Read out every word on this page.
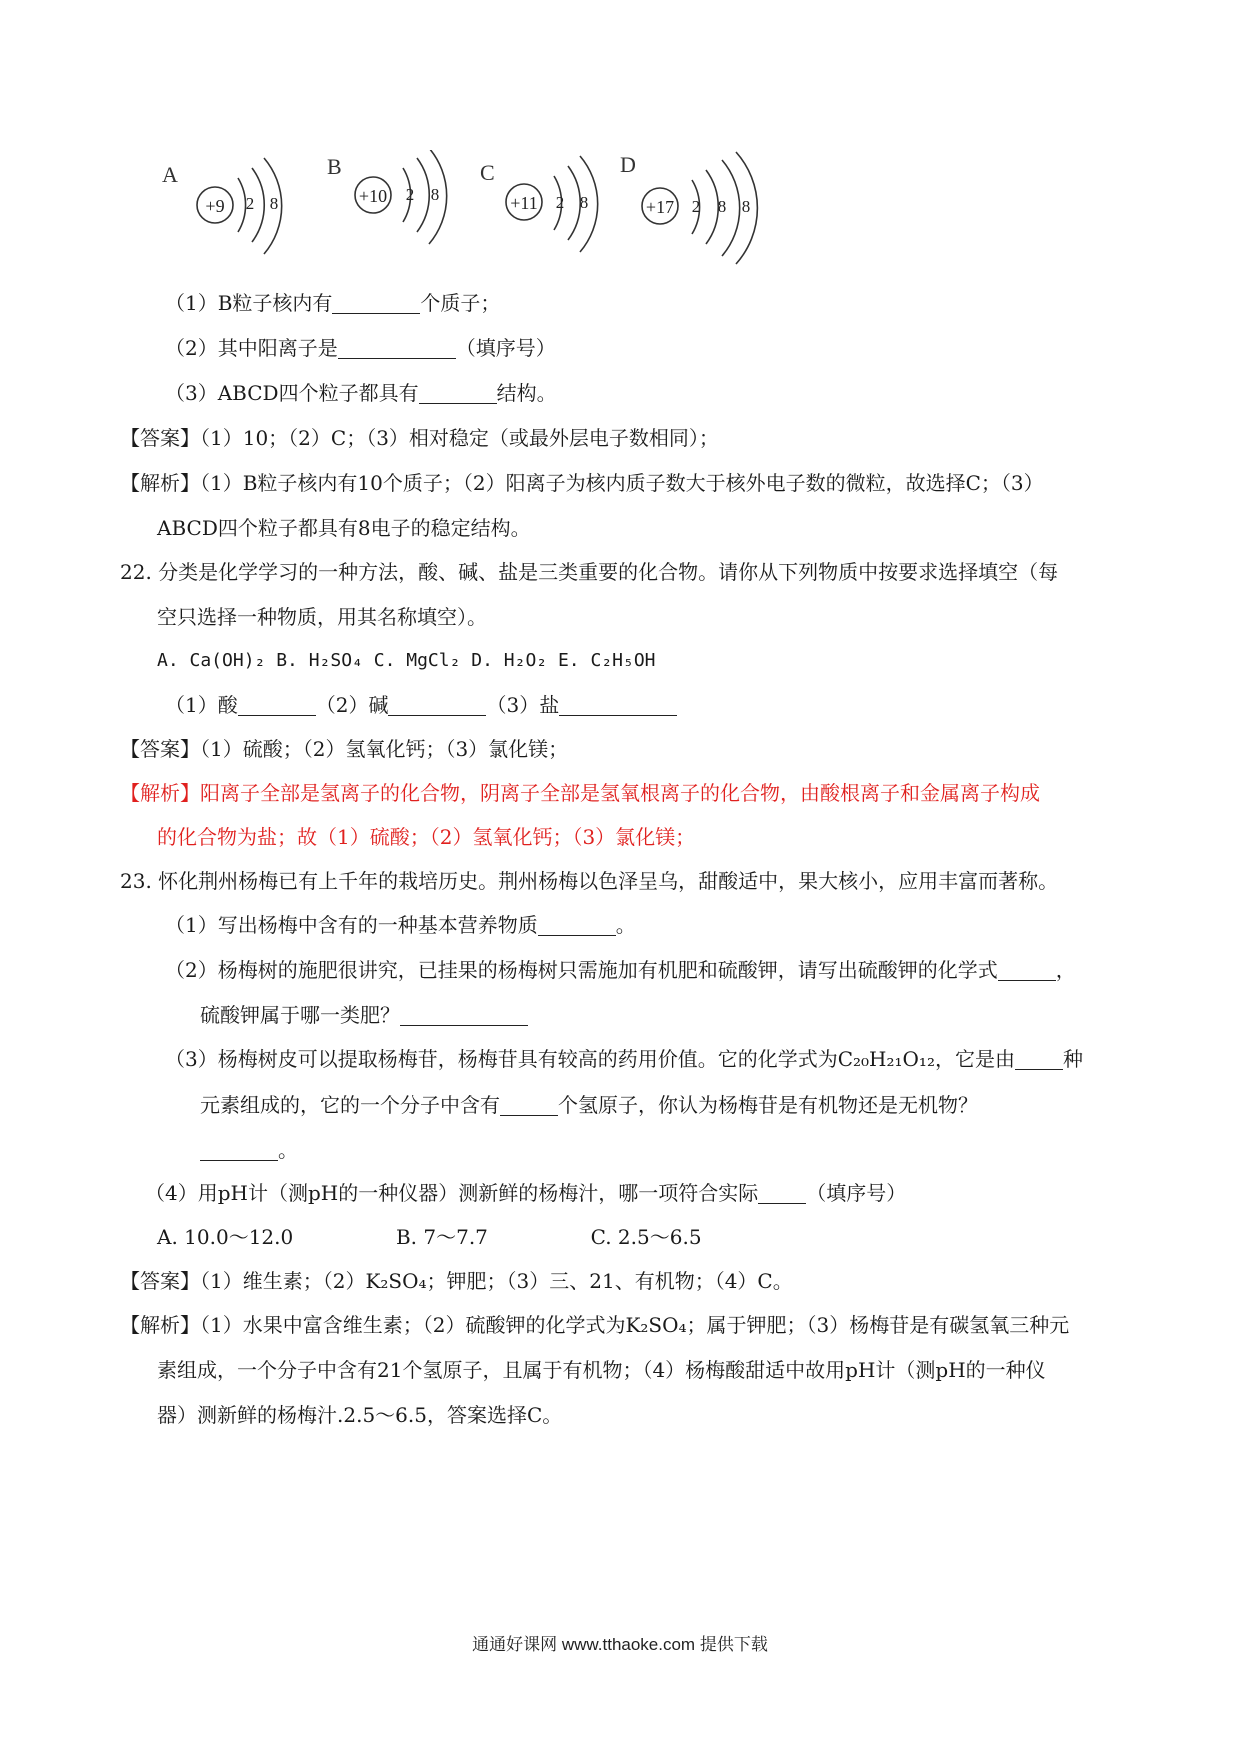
A
+9 2 8
B
+10 2 8
C
+11 2 8
D
+17 2 8 8
（1）B粒子核内有	个质子；
（2）其中阳离子是	（填序号）
（3）ABCD四个粒子都具有	结构。
【答案】（1）10；（2）C；（3）相对稳定（或最外层电子数相同）；
【解析】（1）B粒子核内有10个质子；（2）阳离子为核内质子数大于核外电子数的微粒，故选择C；（3）
ABCD四个粒子都具有8电子的稳定结构。
22. 分类是化学学习的一种方法，酸、碱、盐是三类重要的化合物。请你从下列物质中按要求选择填空（每
空只选择一种物质，用其名称填空）。
A. Ca(OH)₂ B. H₂SO₄ C. MgCl₂ D. H₂O₂ E. C₂H₅OH
（1）酸	（2）碱	（3）盐
【答案】（1）硫酸；（2）氢氧化钙；（3）氯化镁；
【解析】阳离子全部是氢离子的化合物，阴离子全部是氢氧根离子的化合物，由酸根离子和金属离子构成
的化合物为盐；故（1）硫酸；（2）氢氧化钙；（3）氯化镁；
23. 怀化荆州杨梅已有上千年的栽培历史。荆州杨梅以色泽呈乌，甜酸适中，果大核小，应用丰富而著称。
（1）写出杨梅中含有的一种基本营养物质	。
（2）杨梅树的施肥很讲究，已挂果的杨梅树只需施加有机肥和硫酸钾，请写出硫酸钾的化学式	，
硫酸钾属于哪一类肥？
（3）杨梅树皮可以提取杨梅苷，杨梅苷具有较高的药用价值。它的化学式为C₂₀H₂₁O₁₂，它是由 种
元素组成的，它的一个分子中含有	个氢原子，你认为杨梅苷是有机物还是无机物？
。
（4）用pH计（测pH的一种仪器）测新鲜的杨梅汁，哪一项符合实际 （填序号）
A. 10.0～12.0	B. 7～7.7	C. 2.5～6.5
【答案】（1）维生素；（2）K₂SO₄；钾肥；（3）三、21、有机物；（4）C。
【解析】（1）水果中富含维生素；（2）硫酸钾的化学式为K₂SO₄；属于钾肥；（3）杨梅苷是有碳氢氧三种元
素组成，一个分子中含有21个氢原子，且属于有机物；（4）杨梅酸甜适中故用pH计（测pH的一种仪
器）测新鲜的杨梅汁.2.5～6.5，答案选择C。
通通好课网 www.tthaoke.com 提供下载
